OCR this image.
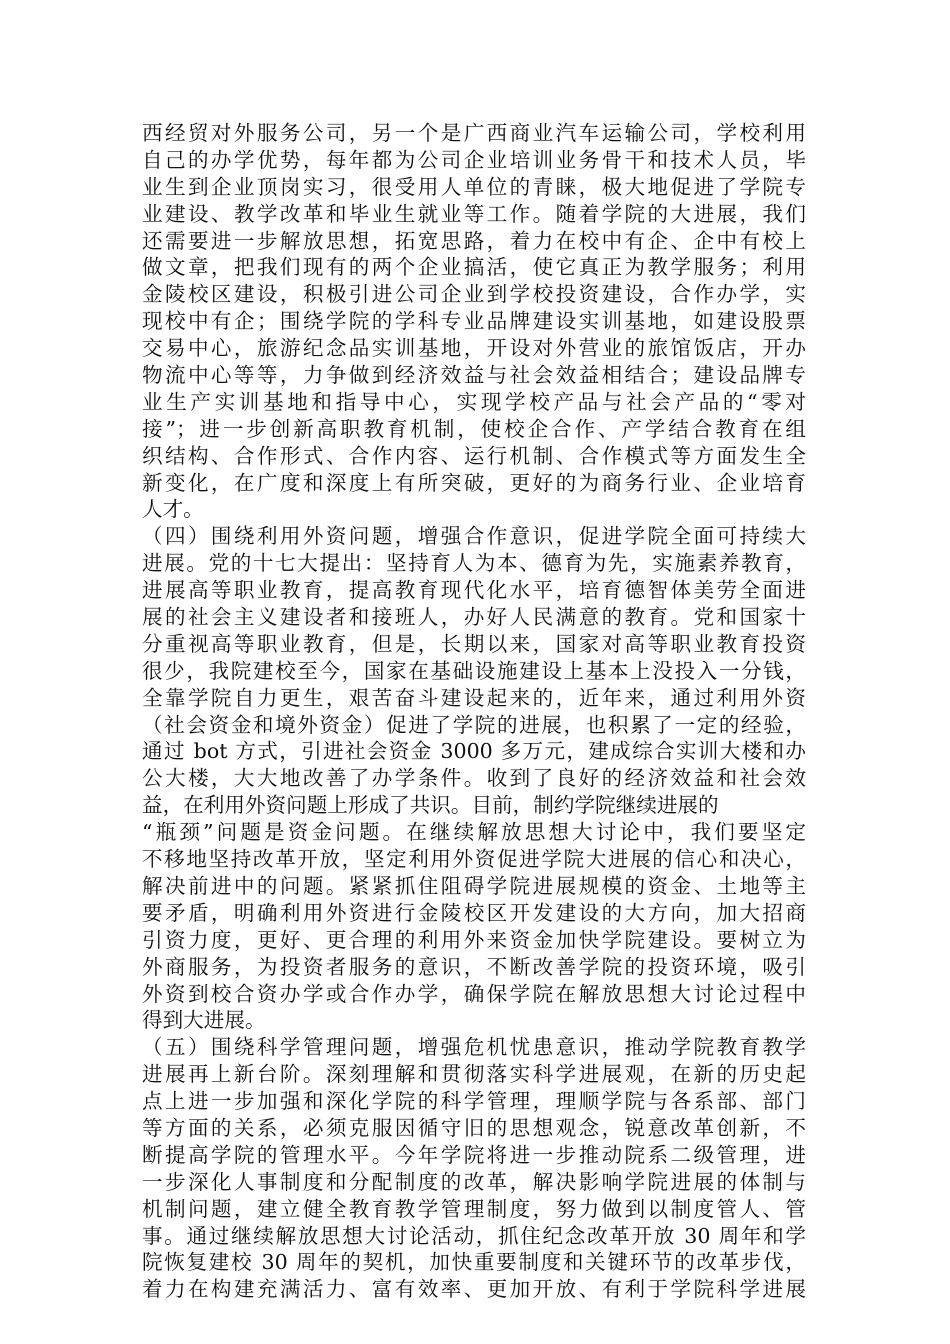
西经贸对外服务公司，另一个是广西商业汽车运输公司，学校利用
自己的办学优势，每年都为公司企业培训业务骨干和技术人员，毕
业生到企业顶岗实习，很受用人单位的青睐，极大地促进了学院专
业建设、教学改革和毕业生就业等工作。随着学院的大进展，我们
还需要进一步解放思想，拓宽思路，着力在校中有企、企中有校上
做文章，把我们现有的两个企业搞活，使它真正为教学服务；利用
金陵校区建设，积极引进公司企业到学校投资建设，合作办学，实
现校中有企；围绕学院的学科专业品牌建设实训基地，如建设股票
交易中心，旅游纪念品实训基地，开设对外营业的旅馆饭店，开办
物流中心等等，力争做到经济效益与社会效益相结合；建设品牌专
业生产实训基地和指导中心，实现学校产品与社会产品的“零对
接”；进一步创新高职教育机制，使校企合作、产学结合教育在组
织结构、合作形式、合作内容、运行机制、合作模式等方面发生全
新变化，在广度和深度上有所突破，更好的为商务行业、企业培育
人才。
（四）围绕利用外资问题，增强合作意识，促进学院全面可持续大
进展。党的十七大提出：坚持育人为本、德育为先，实施素养教育，
进展高等职业教育，提高教育现代化水平，培育德智体美劳全面进
展的社会主义建设者和接班人，办好人民满意的教育。党和国家十
分重视高等职业教育，但是，长期以来，国家对高等职业教育投资
很少，我院建校至今，国家在基础设施建设上基本上没投入一分钱，
全靠学院自力更生，艰苦奋斗建设起来的，近年来，通过利用外资
（社会资金和境外资金）促进了学院的进展，也积累了一定的经验，
通过 bot 方式，引进社会资金 3000 多万元，建成综合实训大楼和办
公大楼，大大地改善了办学条件。收到了良好的经济效益和社会效
益，在利用外资问题上形成了共识。目前，制约学院继续进展的
“瓶颈”问题是资金问题。在继续解放思想大讨论中，我们要坚定
不移地坚持改革开放，坚定利用外资促进学院大进展的信心和决心，
解决前进中的问题。紧紧抓住阻碍学院进展规模的资金、土地等主
要矛盾，明确利用外资进行金陵校区开发建设的大方向，加大招商
引资力度，更好、更合理的利用外来资金加快学院建设。要树立为
外商服务，为投资者服务的意识，不断改善学院的投资环境，吸引
外资到校合资办学或合作办学，确保学院在解放思想大讨论过程中
得到大进展。
（五）围绕科学管理问题，增强危机忧患意识，推动学院教育教学
进展再上新台阶。深刻理解和贯彻落实科学进展观，在新的历史起
点上进一步加强和深化学院的科学管理，理顺学院与各系部、部门
等方面的关系，必须克服因循守旧的思想观念，锐意改革创新，不
断提高学院的管理水平。今年学院将进一步推动院系二级管理，进
一步深化人事制度和分配制度的改革，解决影响学院进展的体制与
机制问题，建立健全教育教学管理制度，努力做到以制度管人、管
事。通过继续解放思想大讨论活动，抓住纪念改革开放 30 周年和学
院恢复建校 30 周年的契机，加快重要制度和关键环节的改革步伐，
着力在构建充满活力、富有效率、更加开放、有利于学院科学进展
